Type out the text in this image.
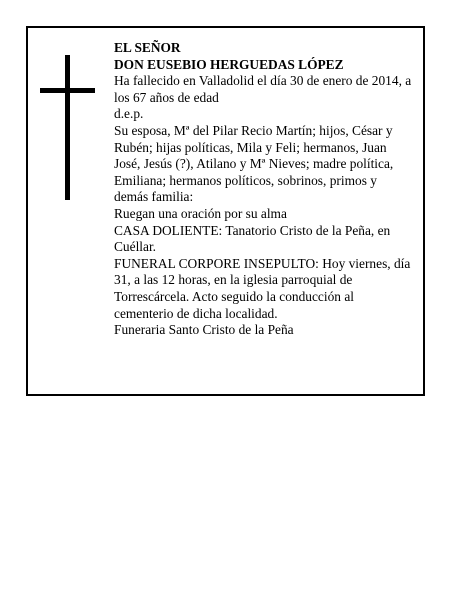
EL SEÑOR

DON EUSEBIO HERGUEDAS LÓPEZ

Ha fallecido en Valladolid el día 30 de enero de 2014, a los 67 años de edad

d.e.p.

Su esposa, Mª del Pilar Recio Martín; hijos, César y Rubén; hijas políticas, Mila y Feli; hermanos, Juan José, Jesús (?), Atilano y Mª Nieves; madre política, Emiliana; hermanos políticos, sobrinos, primos y demás familia:

Ruegan una oración por su alma

CASA DOLIENTE: Tanatorio Cristo de la Peña, en Cuéllar.

FUNERAL CORPORE INSEPULTO: Hoy viernes, día 31, a las 12 horas, en la iglesia parroquial de Torrescárcela. Acto seguido la conducción al cementerio de dicha localidad.

Funeraria Santo Cristo de la Peña
